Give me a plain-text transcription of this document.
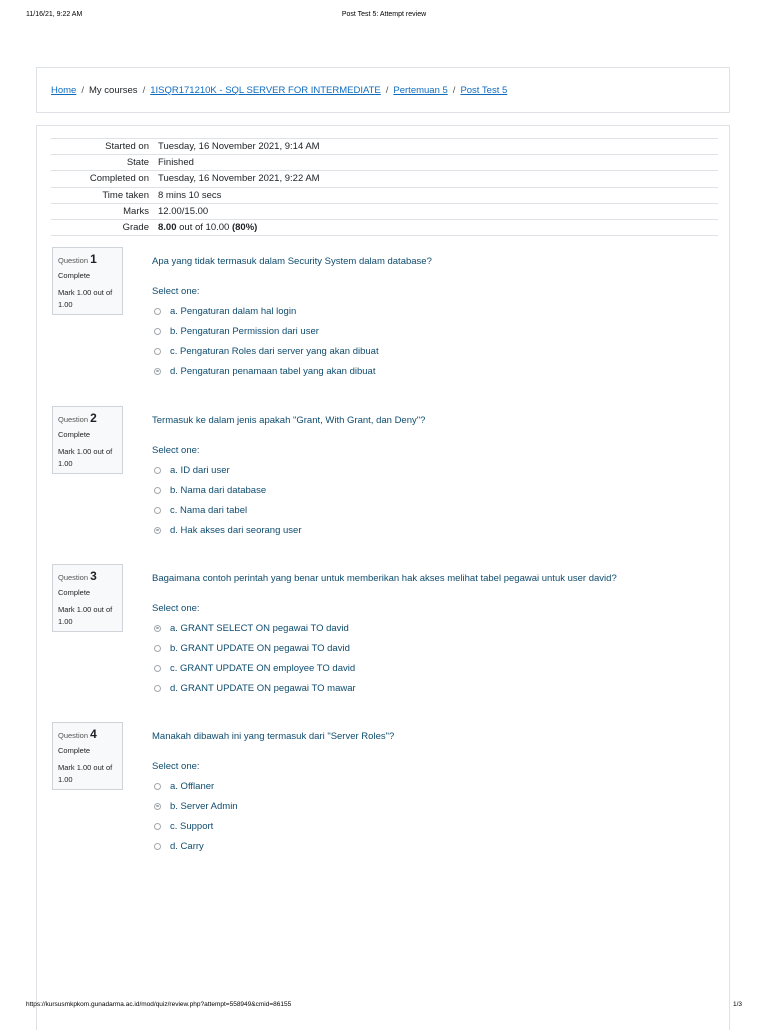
11/16/21, 9:22 AM	Post Test 5: Attempt review
Home / My courses / 1ISQR171210K - SQL SERVER FOR INTERMEDIATE / Pertemuan 5 / Post Test 5
Started on	Tuesday, 16 November 2021, 9:14 AM
State	Finished
Completed on	Tuesday, 16 November 2021, 9:22 AM
Time taken	8 mins 10 secs
Marks	12.00/15.00
Grade	8.00 out of 10.00 (80%)
Question 1
Complete
Mark 1.00 out of 1.00
Apa yang tidak termasuk dalam Security System dalam database?
Select one:
a. Pengaturan dalam hal login
b. Pengaturan Permission dari user
c. Pengaturan Roles dari server yang akan dibuat
d. Pengaturan penamaan tabel yang akan dibuat
Question 2
Complete
Mark 1.00 out of 1.00
Termasuk ke dalam jenis apakah "Grant, With Grant, dan Deny"?
Select one:
a. ID dari user
b. Nama dari database
c. Nama dari tabel
d. Hak akses dari seorang user
Question 3
Complete
Mark 1.00 out of 1.00
Bagaimana contoh perintah yang benar untuk memberikan hak akses melihat tabel pegawai untuk user david?
Select one:
a. GRANT SELECT ON pegawai TO david
b. GRANT UPDATE ON pegawai TO david
c. GRANT UPDATE ON employee TO david
d. GRANT UPDATE ON pegawai TO mawar
Question 4
Complete
Mark 1.00 out of 1.00
Manakah dibawah ini yang termasuk dari "Server Roles"?
Select one:
a. Offlaner
b. Server Admin
c. Support
d. Carry
https://kursusmkpkom.gunadarma.ac.id/mod/quiz/review.php?attempt=558949&cmid=86155	1/3
